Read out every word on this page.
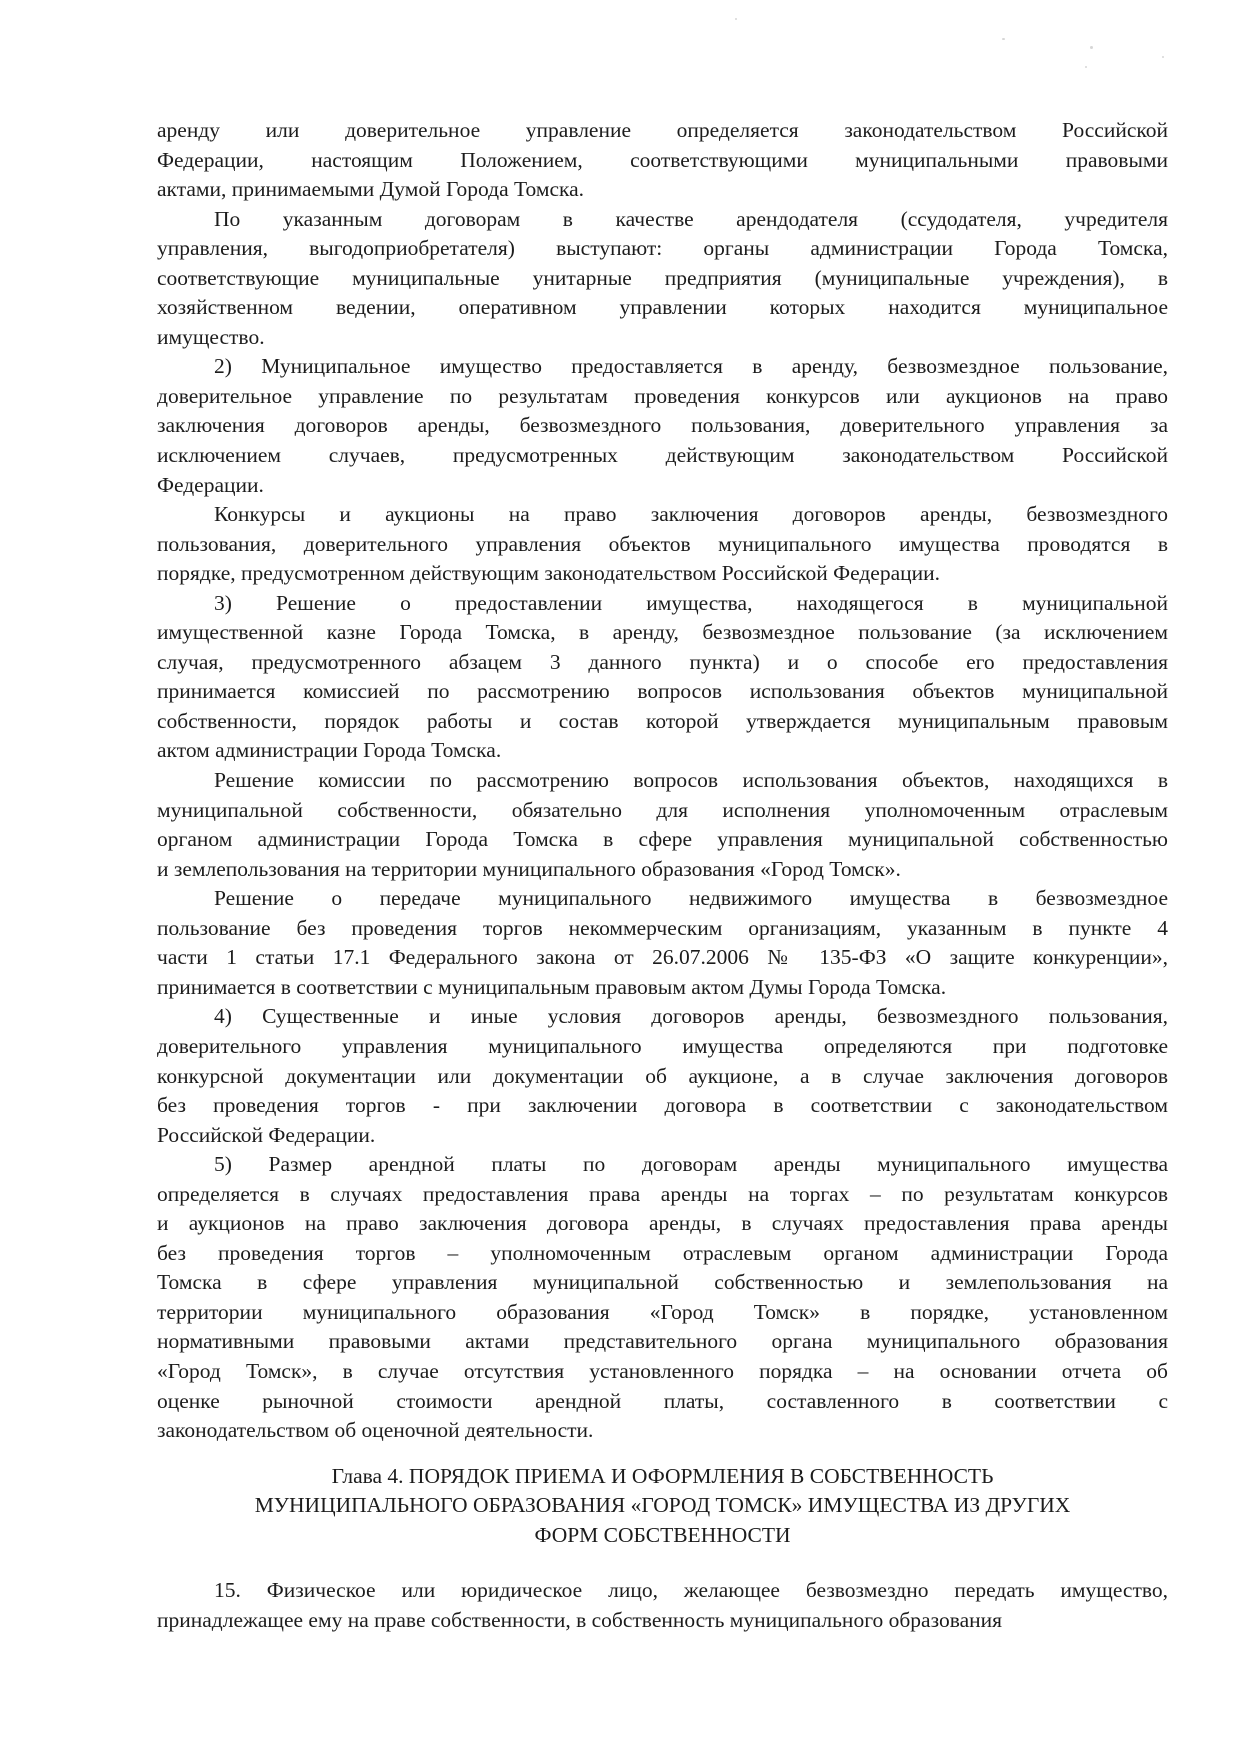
аренду или доверительное управление определяется законодательством Российской
Федерации, настоящим Положением, соответствующими муниципальными правовыми
актами, принимаемыми Думой Города Томска.
По указанным договорам в качестве арендодателя (ссудодателя, учредителя
управления, выгодоприобретателя) выступают: органы администрации Города Томска,
соответствующие муниципальные унитарные предприятия (муниципальные учреждения), в
хозяйственном ведении, оперативном управлении которых находится муниципальное
имущество.
2) Муниципальное имущество предоставляется в аренду, безвозмездное пользование,
доверительное управление по результатам проведения конкурсов или аукционов на право
заключения договоров аренды, безвозмездного пользования, доверительного управления за
исключением случаев, предусмотренных действующим законодательством Российской
Федерации.
Конкурсы и аукционы на право заключения договоров аренды, безвозмездного
пользования, доверительного управления объектов муниципального имущества проводятся в
порядке, предусмотренном действующим законодательством Российской Федерации.
3) Решение о предоставлении имущества, находящегося в муниципальной
имущественной казне Города Томска, в аренду, безвозмездное пользование (за исключением
случая, предусмотренного абзацем 3 данного пункта) и о способе его предоставления
принимается комиссией по рассмотрению вопросов использования объектов муниципальной
собственности, порядок работы и состав которой утверждается муниципальным правовым
актом администрации Города Томска.
Решение комиссии по рассмотрению вопросов использования объектов, находящихся в
муниципальной собственности, обязательно для исполнения уполномоченным отраслевым
органом администрации Города Томска в сфере управления муниципальной собственностью
и землепользования на территории муниципального образования «Город Томск».
Решение о передаче муниципального недвижимого имущества в безвозмездное
пользование без проведения торгов некоммерческим организациям, указанным в пункте 4
части 1 статьи 17.1 Федерального закона от 26.07.2006 № 135-ФЗ «О защите конкуренции»,
принимается в соответствии с муниципальным правовым актом Думы Города Томска.
4) Существенные и иные условия договоров аренды, безвозмездного пользования,
доверительного управления муниципального имущества определяются при подготовке
конкурсной документации или документации об аукционе, а в случае заключения договоров
без проведения торгов - при заключении договора в соответствии с законодательством
Российской Федерации.
5) Размер арендной платы по договорам аренды муниципального имущества
определяется в случаях предоставления права аренды на торгах – по результатам конкурсов
и аукционов на право заключения договора аренды, в случаях предоставления права аренды
без проведения торгов – уполномоченным отраслевым органом администрации Города
Томска в сфере управления муниципальной собственностью и землепользования на
территории муниципального образования «Город Томск» в порядке, установленном
нормативными правовыми актами представительного органа муниципального образования
«Город Томск», в случае отсутствия установленного порядка – на основании отчета об
оценке рыночной стоимости арендной платы, составленного в соответствии с
законодательством об оценочной деятельности.
Глава 4. ПОРЯДОК ПРИЕМА И ОФОРМЛЕНИЯ В СОБСТВЕННОСТЬ
МУНИЦИПАЛЬНОГО ОБРАЗОВАНИЯ «ГОРОД ТОМСК» ИМУЩЕСТВА ИЗ ДРУГИХ
ФОРМ СОБСТВЕННОСТИ
15. Физическое или юридическое лицо, желающее безвозмездно передать имущество,
принадлежащее ему на праве собственности, в собственность муниципального образования
